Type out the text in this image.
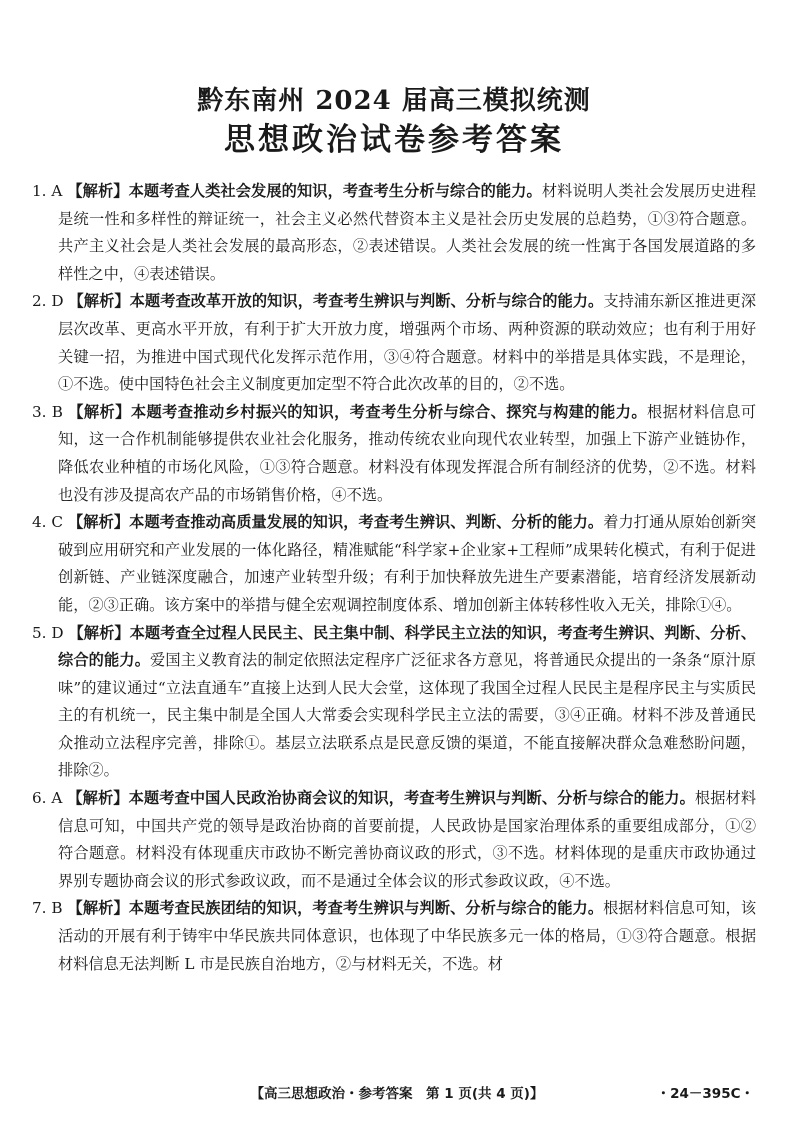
黔东南州 2024 届高三模拟统测
思想政治试卷参考答案
1. A 【解析】本题考查人类社会发展的知识，考查考生分析与综合的能力。材料说明人类社会发展历史进程是统一性和多样性的辩证统一，社会主义必然代替资本主义是社会历史发展的总趋势，①③符合题意。共产主义社会是人类社会发展的最高形态，②表述错误。人类社会发展的统一性寓于各国发展道路的多样性之中，④表述错误。
2. D 【解析】本题考查改革开放的知识，考查考生辨识与判断、分析与综合的能力。支持浦东新区推进更深层次改革、更高水平开放，有利于扩大开放力度，增强两个市场、两种资源的联动效应；也有利于用好关键一招，为推进中国式现代化发挥示范作用，③④符合题意。材料中的举措是具体实践，不是理论，①不选。使中国特色社会主义制度更加定型不符合此次改革的目的，②不选。
3. B 【解析】本题考查推动乡村振兴的知识，考查考生分析与综合、探究与构建的能力。根据材料信息可知，这一合作机制能够提供农业社会化服务，推动传统农业向现代农业转型，加强上下游产业链协作，降低农业种植的市场化风险，①③符合题意。材料没有体现发挥混合所有制经济的优势，②不选。材料也没有涉及提高农产品的市场销售价格，④不选。
4. C 【解析】本题考查推动高质量发展的知识，考查考生辨识、判断、分析的能力。着力打通从原始创新突破到应用研究和产业发展的一体化路径，精准赋能“科学家+企业家+工程师”成果转化模式，有利于促进创新链、产业链深度融合，加速产业转型升级；有利于加快释放先进生产要素潜能，培育经济发展新动能，②③正确。该方案中的举措与健全宏观调控制度体系、增加创新主体转移性收入无关，排除①④。
5. D 【解析】本题考查全过程人民民主、民主集中制、科学民主立法的知识，考查考生辨识、判断、分析、综合的能力。爱国主义教育法的制定依照法定程序广泛征求各方意见，将普通民众提出的一条条“原汁原味”的建议通过“立法直通车”直接上达到人民大会堂，这体现了我国全过程人民民主是程序民主与实质民主的有机统一，民主集中制是全国人大常委会实现科学民主立法的需要，③④正确。材料不涉及普通民众推动立法程序完善，排除①。基层立法联系点是民意反馈的渠道，不能直接解决群众急难愁盼问题，排除②。
6. A 【解析】本题考查中国人民政治协商会议的知识，考查考生辨识与判断、分析与综合的能力。根据材料信息可知，中国共产党的领导是政治协商的首要前提，人民政协是国家治理体系的重要组成部分，①②符合题意。材料没有体现重庆市政协不断完善协商议政的形式，③不选。材料体现的是重庆市政协通过界别专题协商会议的形式参政议政，而不是通过全体会议的形式参政议政，④不选。
7. B 【解析】本题考查民族团结的知识，考查考生辨识与判断、分析与综合的能力。根据材料信息可知，该活动的开展有利于铸牢中华民族共同体意识，也体现了中华民族多元一体的格局，①③符合题意。根据材料信息无法判断 L 市是民族自治地方，②与材料无关，不选。材
【高三思想政治・参考答案　第 1 页(共 4 页)】	・24－395C・
